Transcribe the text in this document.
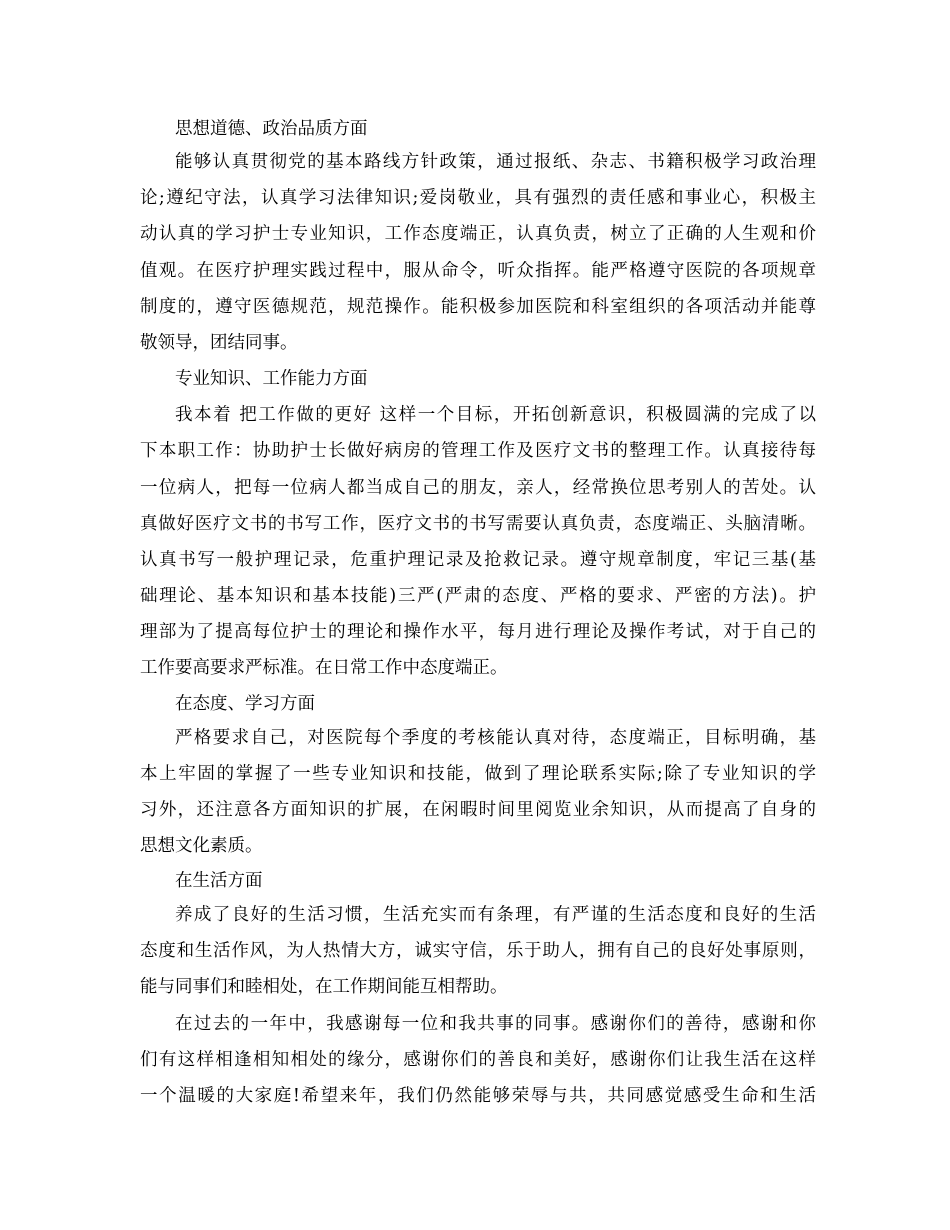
思想道德、政治品质方面
能够认真贯彻党的基本路线方针政策，通过报纸、杂志、书籍积极学习政治理
论;遵纪守法，认真学习法律知识;爱岗敬业，具有强烈的责任感和事业心，积极主
动认真的学习护士专业知识，工作态度端正，认真负责，树立了正确的人生观和价
值观。在医疗护理实践过程中，服从命令，听众指挥。能严格遵守医院的各项规章
制度的，遵守医德规范，规范操作。能积极参加医院和科室组织的各项活动并能尊
敬领导，团结同事。
专业知识、工作能力方面
我本着 把工作做的更好 这样一个目标，开拓创新意识，积极圆满的完成了以
下本职工作：协助护士长做好病房的管理工作及医疗文书的整理工作。认真接待每
一位病人，把每一位病人都当成自己的朋友，亲人，经常换位思考别人的苦处。认
真做好医疗文书的书写工作，医疗文书的书写需要认真负责，态度端正、头脑清晰。
认真书写一般护理记录，危重护理记录及抢救记录。遵守规章制度，牢记三基(基
础理论、基本知识和基本技能)三严(严肃的态度、严格的要求、严密的方法)。护
理部为了提高每位护士的理论和操作水平，每月进行理论及操作考试，对于自己的
工作要高要求严标准。在日常工作中态度端正。
在态度、学习方面
严格要求自己，对医院每个季度的考核能认真对待，态度端正，目标明确，基
本上牢固的掌握了一些专业知识和技能，做到了理论联系实际;除了专业知识的学
习外，还注意各方面知识的扩展，在闲暇时间里阅览业余知识，从而提高了自身的
思想文化素质。
在生活方面
养成了良好的生活习惯，生活充实而有条理，有严谨的生活态度和良好的生活
态度和生活作风，为人热情大方，诚实守信，乐于助人，拥有自己的良好处事原则，
能与同事们和睦相处，在工作期间能互相帮助。
在过去的一年中，我感谢每一位和我共事的同事。感谢你们的善待，感谢和你
们有这样相逢相知相处的缘分，感谢你们的善良和美好，感谢你们让我生活在这样
一个温暖的大家庭!希望来年，我们仍然能够荣辱与共，共同感觉感受生命和生活
